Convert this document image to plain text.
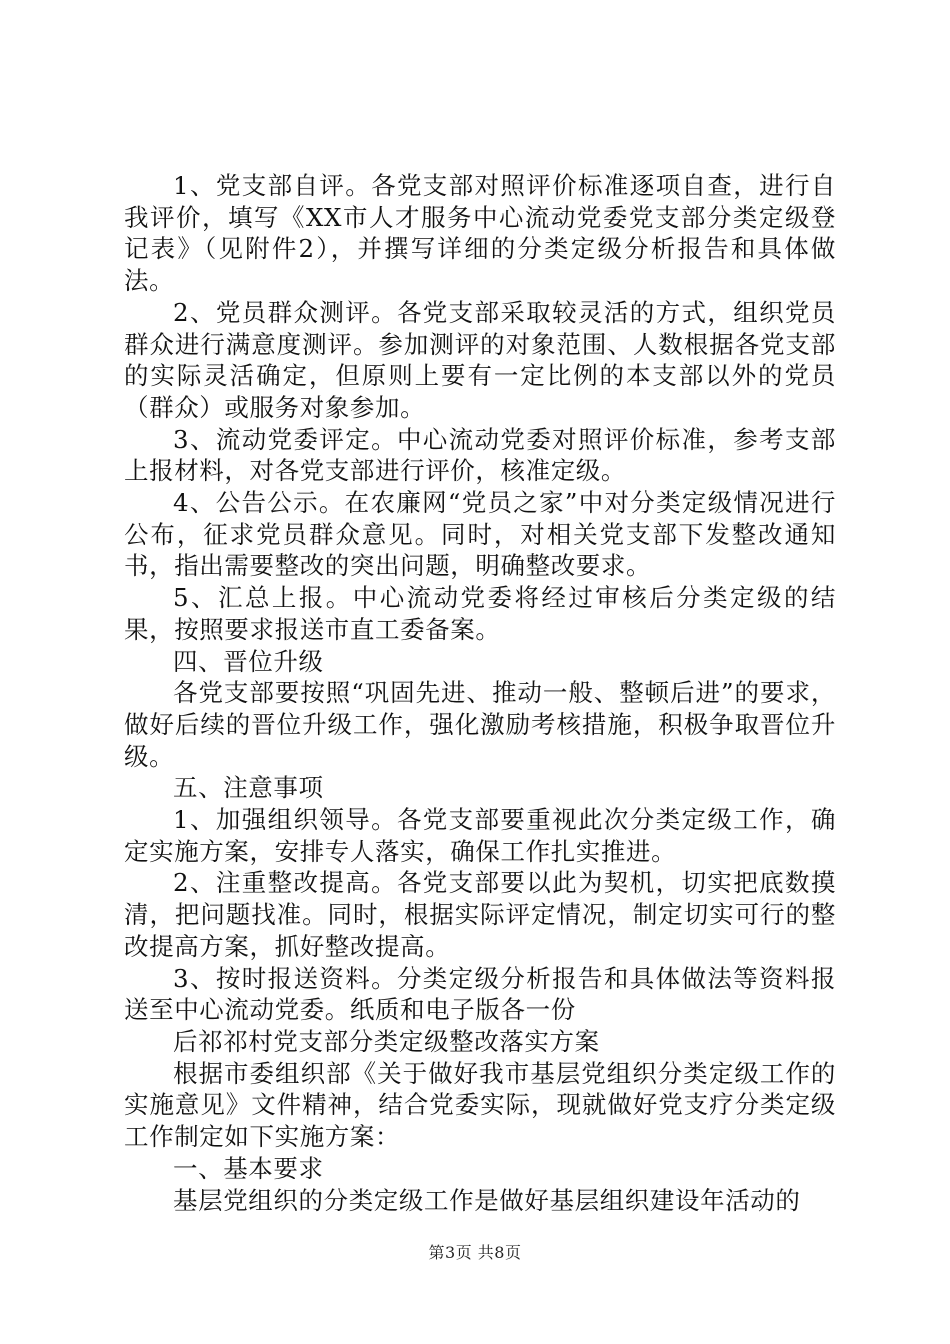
1、党支部自评。各党支部对照评价标准逐项自查，进行自我评价，填写《XX市人才服务中心流动党委党支部分类定级登记表》（见附件2），并撰写详细的分类定级分析报告和具体做法。

2、党员群众测评。各党支部采取较灵活的方式，组织党员群众进行满意度测评。参加测评的对象范围、人数根据各党支部的实际灵活确定，但原则上要有一定比例的本支部以外的党员（群众）或服务对象参加。

3、流动党委评定。中心流动党委对照评价标准，参考支部上报材料，对各党支部进行评价，核准定级。

4、公告公示。在农廉网“党员之家”中对分类定级情况进行公布，征求党员群众意见。同时，对相关党支部下发整改通知书，指出需要整改的突出问题，明确整改要求。

5、汇总上报。中心流动党委将经过审核后分类定级的结果，按照要求报送市直工委备案。

四、晋位升级

各党支部要按照“巩固先进、推动一般、整顿后进”的要求，做好后续的晋位升级工作，强化激励考核措施，积极争取晋位升级。

五、注意事项

1、加强组织领导。各党支部要重视此次分类定级工作，确定实施方案，安排专人落实，确保工作扎实推进。

2、注重整改提高。各党支部要以此为契机，切实把底数摸清，把问题找准。同时，根据实际评定情况，制定切实可行的整改提高方案，抓好整改提高。

3、按时报送资料。分类定级分析报告和具体做法等资料报送至中心流动党委。纸质和电子版各一份

后祁祁村党支部分类定级整改落实方案

根据市委组织部《关于做好我市基层党组织分类定级工作的实施意见》文件精神，结合党委实际，现就做好党支疗分类定级工作制定如下实施方案：

一、基本要求

基层党组织的分类定级工作是做好基层组织建设年活动的

第3页 共8页
